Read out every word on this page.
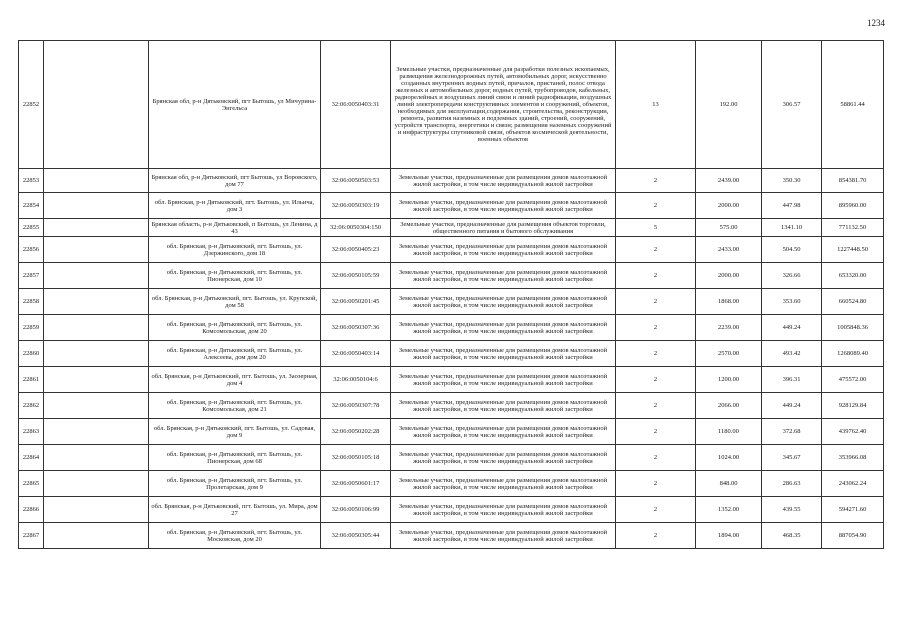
1234
22852		Брянская обл, р-н Дятьковский, пгт Бытошь, ул Мичурина-Энгельса	32:06:0050403:31	Земельные участки, предназначенные для разработки полезных ископаемых, размещения железнодорожных путей, автомобильных дорог, искусственно созданных внутренних водных путей, причалов, пристаней, полос отвода железных и автомобильных дорог, водных путей, трубопроводов, кабельных, радиорелейных и воздушных линий связи и линий радиофикации, воздушных линий электропередачи конструктивных элементов и сооружений, объектов, необходимых для эксплуатации,содержания, строительства, реконструкции, ремонта, развития наземных и подземных зданий, строений, сооружений, устройств транспорта, энергетики и связи; размещения наземных сооружений и инфраструктуры спутниковой связи, объектов космической деятельности, военных объектов	13	192.00	306.57	58861.44
22853		Брянская обл, р-н Дятьковский, пгт Бытошь, ул Воровского, дом 77	32:06:0050503:53	Земельные участки, предназначенные для размещения домов малоэтажной жилой застройки, в том числе индивидуальной жилой застройки	2	2439.00	350.30	854381.70
22854		обл. Брянская, р-н Дятьковский, пгт. Бытошь, ул. Ильича, дом 3	32:06:0050303:19	Земельные участки, предназначенные для размещения домов малоэтажной жилой застройки, в том числе индивидуальной жилой застройки	2	2000.00	447.98	895960.00
22855		Брянская область, р-н Дятьковский, п Бытошь, ул Ленина, д 43	32:06:0050304:150	Земельные участки, предназначенные для размещения объектов торговли, общественного питания и бытового обслуживания	5	575.00	1341.10	771132.50
22856		обл. Брянская, р-н Дятьковский, пгт. Бытошь, ул. Дзержинского, дом 18	32:06:0050405:23	Земельные участки, предназначенные для размещения домов малоэтажной жилой застройки, в том числе индивидуальной жилой застройки	2	2433.00	504.50	1227448.50
22857		обл. Брянская, р-н Дятьковский, пгт. Бытошь, ул. Пионерская, дом 10	32:06:0050105:59	Земельные участки, предназначенные для размещения домов малоэтажной жилой застройки, в том числе индивидуальной жилой застройки	2	2000.00	326.66	653320.00
22858		обл. Брянская, р-н Дятьковский, пгт. Бытошь, ул. Крупской, дом 58	32:06:0050201:45	Земельные участки, предназначенные для размещения домов малоэтажной жилой застройки, в том числе индивидуальной жилой застройки	2	1868.00	353.60	660524.80
22859		обл. Брянская, р-н Дятьковский, пгт. Бытошь, ул. Комсомольская, дом 20	32:06:0050307:36	Земельные участки, предназначенные для размещения домов малоэтажной жилой застройки, в том числе индивидуальной жилой застройки	2	2239.00	449.24	1005848.36
22860		обл. Брянская, р-н Дятьковский, пгт. Бытошь, ул. Алексеева, дом дом 20	32:06:0050403:14	Земельные участки, предназначенные для размещения домов малоэтажной жилой застройки, в том числе индивидуальной жилой застройки	2	2570.00	493.42	1268089.40
22861		обл. Брянская, р-н Дятьковский, пгт. Бытошь, ул. Заозерная, дом 4	32:06:0050104:6	Земельные участки, предназначенные для размещения домов малоэтажной жилой застройки, в том числе индивидуальной жилой застройки	2	1200.00	396.31	475572.00
22862		обл. Брянская, р-н Дятьковский, пгт. Бытошь, ул. Комсомольская, дом 21	32:06:0050307:78	Земельные участки, предназначенные для размещения домов малоэтажной жилой застройки, в том числе индивидуальной жилой застройки	2	2066.00	449.24	928129.84
22863		обл. Брянская, р-н Дятьковский, пгт. Бытошь, ул. Садовая, дом 9	32:06:0050202:28	Земельные участки, предназначенные для размещения домов малоэтажной жилой застройки, в том числе индивидуальной жилой застройки	2	1180.00	372.68	439762.40
22864		обл. Брянская, р-н Дятьковский, пгт. Бытошь, ул. Пионерская, дом 68	32:06:0050105:18	Земельные участки, предназначенные для размещения домов малоэтажной жилой застройки, в том числе индивидуальной жилой застройки	2	1024.00	345.67	353966.08
22865		обл. Брянская, р-н Дятьковский, пгт. Бытошь, ул. Пролетарская, дом 9	32:06:0050601:17	Земельные участки, предназначенные для размещения домов малоэтажной жилой застройки, в том числе индивидуальной жилой застройки	2	848.00	286.63	243062.24
22866		обл. Брянская, р-н Дятьковский, пгт. Бытошь, ул. Мира, дом 27	32:06:0050106:99	Земельные участки, предназначенные для размещения домов малоэтажной жилой застройки, в том числе индивидуальной жилой застройки	2	1352.00	439.55	594271.60
22867		обл. Брянская, р-н Дятьковский, пгт. Бытошь, ул. Московская, дом 20	32:06:0050305:44	Земельные участки, предназначенные для размещения домов малоэтажной жилой застройки, в том числе индивидуальной жилой застройки	2	1894.00	468.35	887054.90
